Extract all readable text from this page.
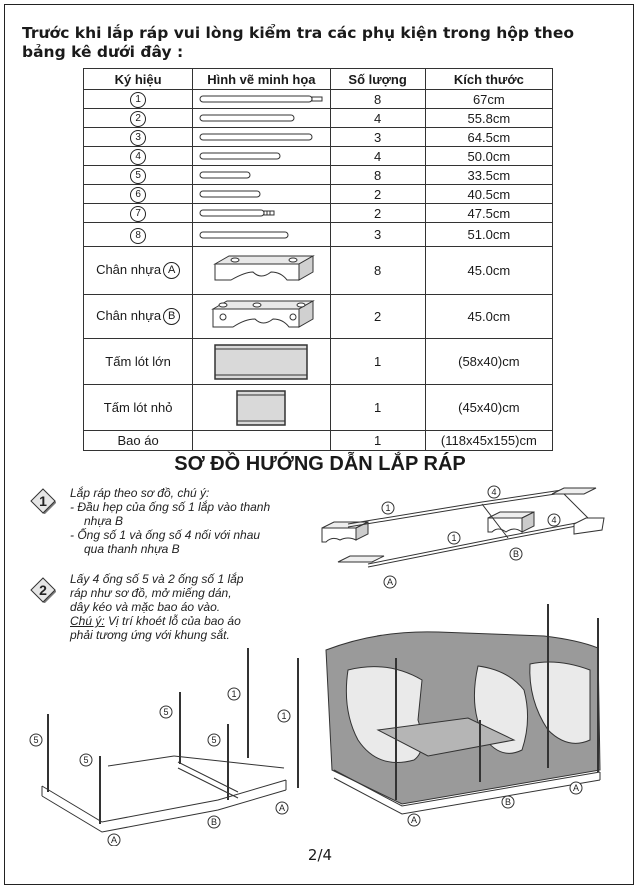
Trước khi lắp ráp vui lòng kiểm tra các phụ kiện trong hộp theo bảng kê dưới đây :

Ký hiệu	Hình vẽ minh họa	Số lượng	Kích thước
1		8	67cm
2		4	55.8cm
3		3	64.5cm
4		4	50.0cm
5		8	33.5cm
6		2	40.5cm
7		2	47.5cm
8		3	51.0cm
Chân nhựa A		8	45.0cm
Chân nhựa B		2	45.0cm
Tấm lót lớn		1	(58x40)cm
Tấm lót nhỏ		1	(45x40)cm
Bao áo		1	(118x45x155)cm
SƠ ĐỒ HƯỚNG DẪN LẮP RÁP
1 Lắp ráp theo sơ đồ, chú ý:

- Đầu hẹp của ống số 1 lắp vào thanh nhựa B

- Ống số 1 và ống số 4 nối với nhau qua thanh nhựa B

1
1
4
4
B
A
2

Lấy 4 ống số 5 và 2 ống số 1 lắp ráp như sơ đồ, mở miếng dán, dây kéo và mặc bao áo vào.

Chú ý: Vị trí khoét lỗ của bao áo phải tương ứng với khung sắt.

5
5
5
5
1
1
A
B
A
A
B
A
2/4
